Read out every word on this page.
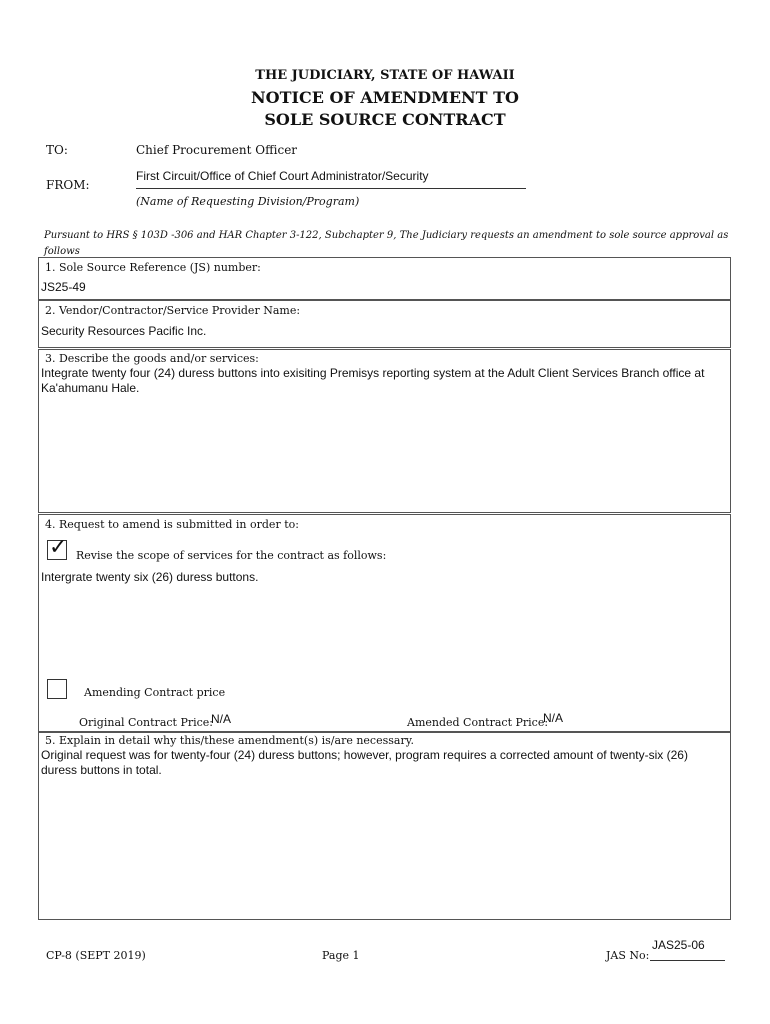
THE JUDICIARY, STATE OF HAWAII
NOTICE OF AMENDMENT TO
SOLE SOURCE CONTRACT
TO:	Chief Procurement Officer
FROM:
First Circuit/Office of Chief Court Administrator/Security
(Name of Requesting Division/Program)
Pursuant to HRS § 103D -306 and HAR Chapter 3-122, Subchapter 9, The Judiciary requests an amendment to sole source approval as follows
1. Sole Source Reference (JS) number:
JS25-49
2. Vendor/Contractor/Service Provider Name:
Security Resources Pacific Inc.
3. Describe the goods and/or services:
Integrate twenty four (24) duress buttons into exisiting Premisys reporting system at the Adult Client Services Branch office at Ka'ahumanu Hale.
4. Request to amend is submitted in order to:
✓ Revise the scope of services for the contract as follows:
Intergrate twenty six (26) duress buttons.
Amending Contract price
Original Contract Price:
N/A	Amended Contract Price:
N/A
5. Explain in detail why this/these amendment(s) is/are necessary.
Original request was for twenty-four (24) duress buttons; however, program requires a corrected amount of twenty-six (26) duress buttons in total.
CP-8 (SEPT 2019)	Page 1	JAS No:
JAS25-06
